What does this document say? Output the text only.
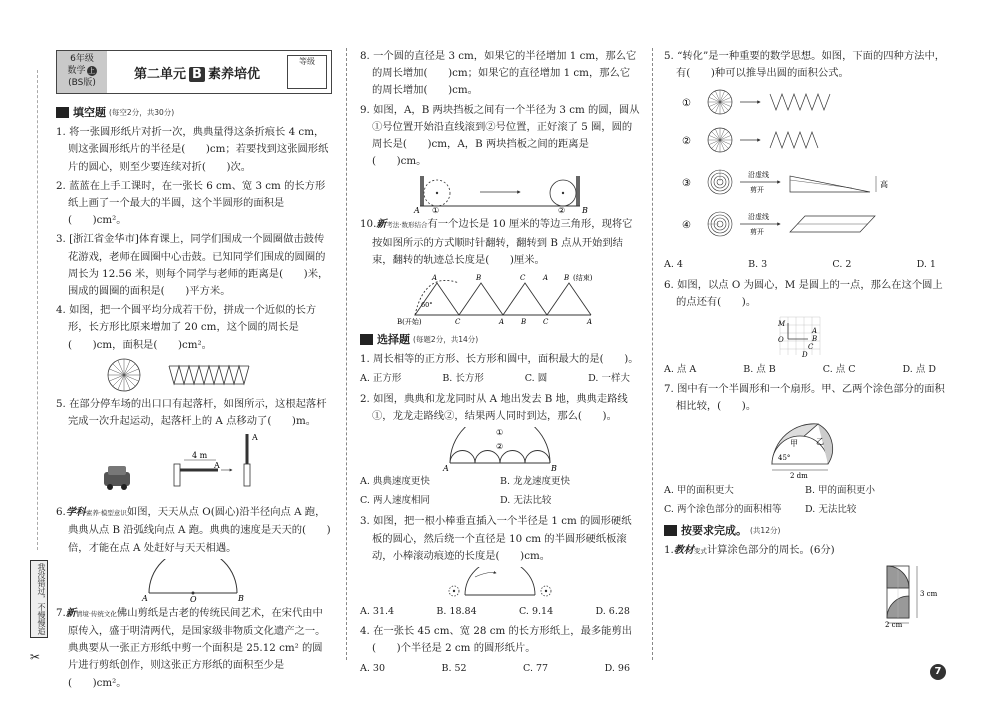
我没错过，不慢慢追
✂
6年级
数学 上
(BS版)
第二单元 B 素养培优
等级
填空题 (每空2分，共30分)
1. 将一张圆形纸片对折一次，典典量得这条折痕长 4 cm，则这张圆形纸片的半径是(　　)cm；若要找到这张圆形纸片的圆心，则至少要连续对折(　　)次。
2. 蓝蓝在上手工课时，在一张长 6 cm、宽 3 cm 的长方形纸上画了一个最大的半圆，这个半圆形的面积是(　　)cm²。
3. [浙江省金华市]体育课上，同学们围成一个圆圈做击鼓传花游戏，老师在圆圈中心击鼓。已知同学们围成的圆圈的周长为 12.56 米，则每个同学与老师的距离是(　　)米，围成的圆圈的面积是(　　)平方米。
4. 如图，把一个圆平均分成若干份，拼成一个近似的长方形，长方形比原来增加了 20 cm，这个圆的周长是(　　)cm，面积是(　　)cm²。
5. 在部分停车场的出口口有起落杆，如图所示，这根起落杆完成一次升起运动，起落杆上的 A 点移动了(　　)m。
A
4 m
A
6.学科素养·模型意识如图，天天从点 O(圆心)沿半径向点 A 跑，典典从点 B 沿弧线向点 A 跑。典典的速度是天天的(　　)倍，才能在点 A 处赶好与天天相遇。
A	O	B
7.新情境·传统文化佛山剪纸是古老的传统民间艺术，在宋代由中原传入，盛于明清两代，是国家级非物质文化遗产之一。典典要从一张正方形纸中剪一个面积是 25.12 cm² 的圆片进行剪纸创作，则这张正方形纸的面积至少是(　　)cm²。
8. 一个圆的直径是 3 cm，如果它的半径增加 1 cm，那么它的周长增加(　　)cm；如果它的直径增加 1 cm，那么它的周长增加(　　)cm。
9. 如图，A，B 两块挡板之间有一个半径为 3 cm 的圆，圆从①号位置开始沿直线滚到②号位置，正好滚了 5 圈，圆的周长是(　　)cm，A，B 两块挡板之间的距离是(　　)cm。
A ①	② B
10.新考法·数形结合有一个边长是 10 厘米的等边三角形，现将它按如图所示的方式顺时针翻转，翻转到 B 点从开始到结束，翻转的轨迹总长度是(　　)厘米。
A	B	C	A B (结束)
60°
B(开始)	C	A B C	A
选择题 (每题2分，共14分)
1. 周长相等的正方形、长方形和圆中，面积最大的是(　　)。
A. 正方形	B. 长方形	C. 圆	D. 一样大
2. 如图，典典和龙龙同时从 A 地出发去 B 地，典典走路线①，龙龙走路线②，结果两人同时到达，那么(　　)。
①
②
A	B
A. 典典速度更快	B. 龙龙速度更快
C. 两人速度相同	D. 无法比较
3. 如图，把一根小棒垂直插入一个半径是 1 cm 的圆形硬纸板的圆心，然后绕一个直径是 10 cm 的半圆形硬纸板滚动，小棒滚动痕迹的长度是(　　)cm。
A. 31.4	B. 18.84	C. 9.14	D. 6.28
4. 在一张长 45 cm、宽 28 cm 的长方形纸上，最多能剪出(　　)个半径是 2 cm 的圆形纸片。
A. 30	B. 52	C. 77	D. 96
5. “转化”是一种重要的数学思想。如图，下面的四种方法中，有(　　)种可以推导出圆的面积公式。
①
②
③
沿虚线
剪开
高
④
沿虚线
剪开
A. 4	B. 3	C. 2	D. 1
6. 如图，以点 O 为圆心，M 是圆上的一点，那么在这个圆上的点还有(　　)。
M
O
A
B
C
D
A. 点 A	B. 点 B	C. 点 C	D. 点 D
7. 图中有一个半圆形和一个扇形。甲、乙两个涂色部分的面积相比较，(　　)。
乙
甲
45°
2 dm
A. 甲的面积更大	B. 甲的面积更小
C. 两个涂色部分的面积相等	D. 无法比较
按要求完成。 (共12分)
1.教材变式计算涂色部分的周长。(6分)
3 cm
2 cm
7
